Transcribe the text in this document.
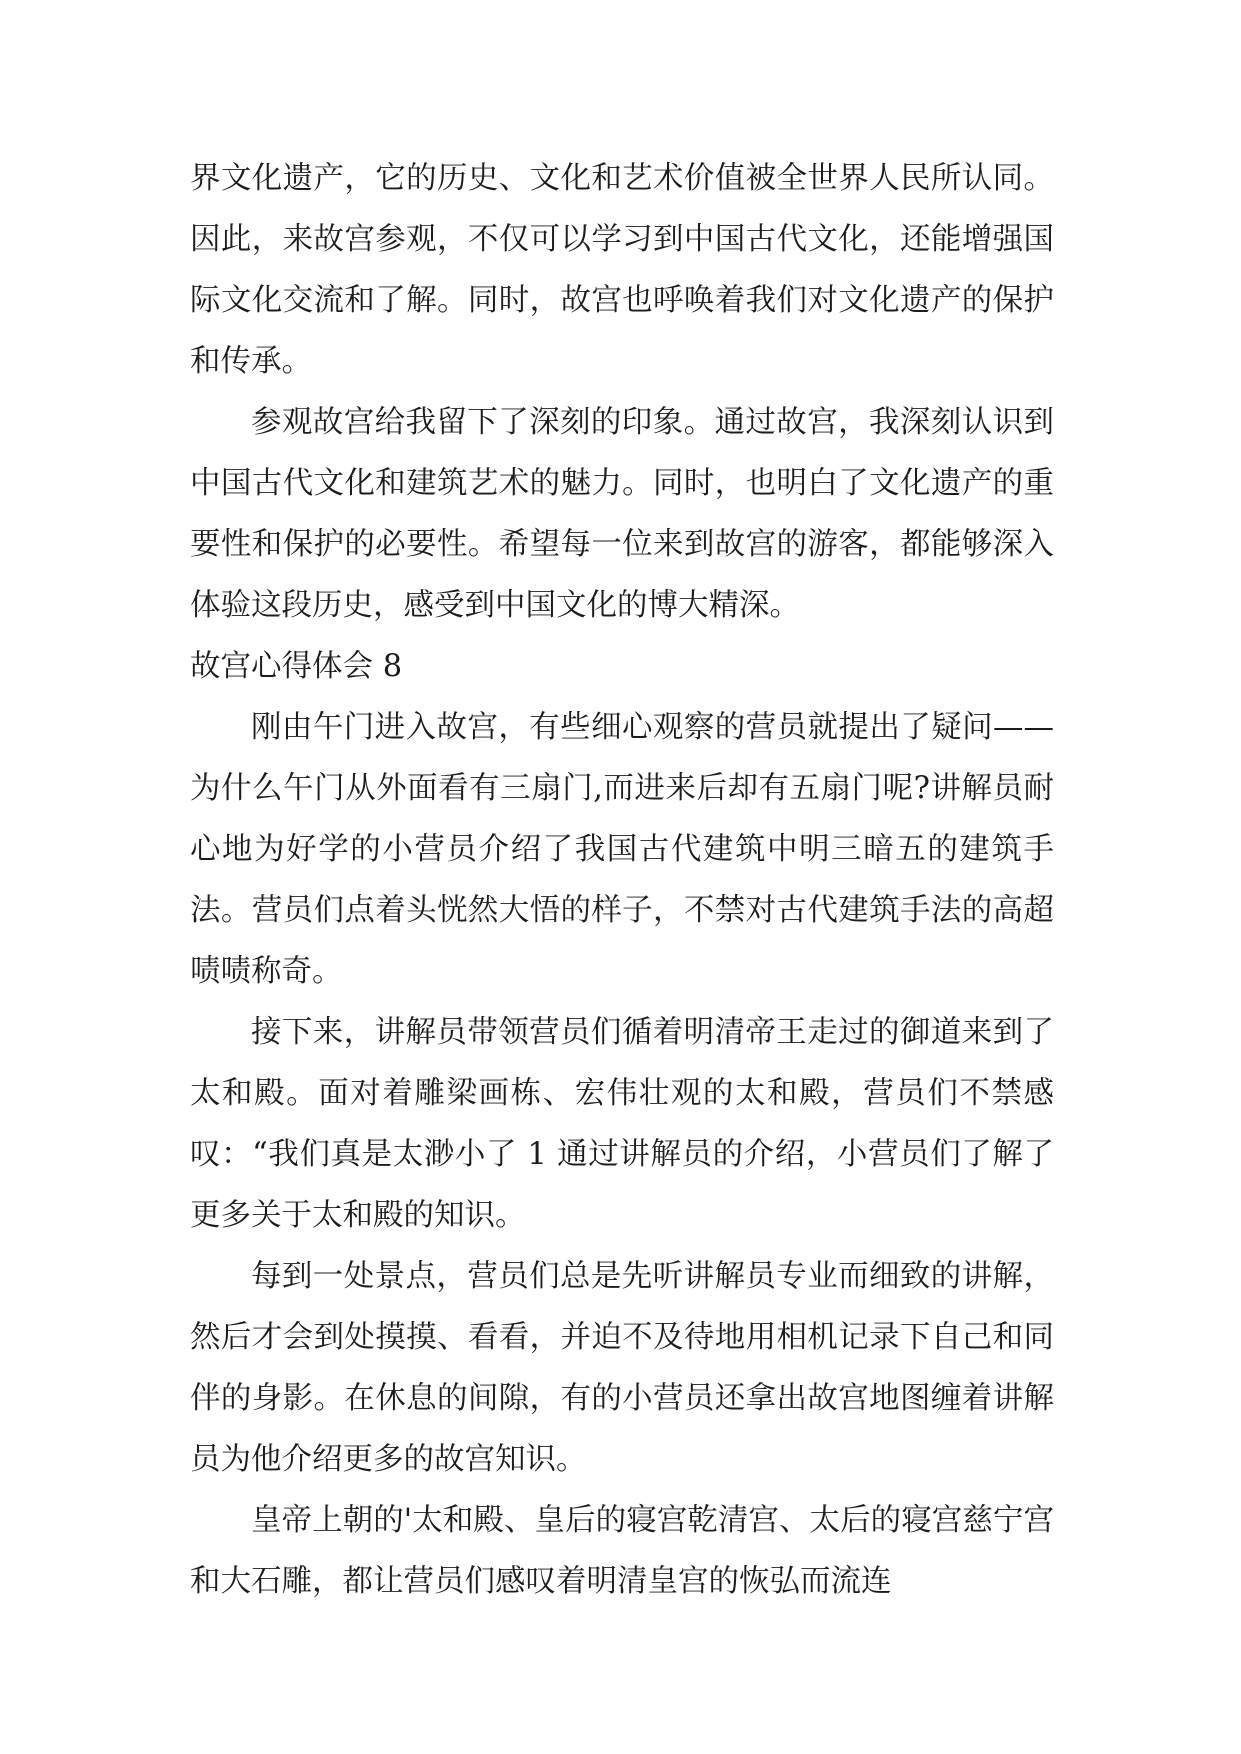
界文化遗产，它的历史、文化和艺术价值被全世界人民所认同。因此，来故宫参观，不仅可以学习到中国古代文化，还能增强国际文化交流和了解。同时，故宫也呼唤着我们对文化遗产的保护和传承。

参观故宫给我留下了深刻的印象。通过故宫，我深刻认识到中国古代文化和建筑艺术的魅力。同时，也明白了文化遗产的重要性和保护的必要性。希望每一位来到故宫的游客，都能够深入体验这段历史，感受到中国文化的博大精深。

故宫心得体会 8

刚由午门进入故宫，有些细心观察的营员就提出了疑问——为什么午门从外面看有三扇门,而进来后却有五扇门呢?讲解员耐心地为好学的小营员介绍了我国古代建筑中明三暗五的建筑手法。营员们点着头恍然大悟的样子，不禁对古代建筑手法的高超啧啧称奇。

接下来，讲解员带领营员们循着明清帝王走过的御道来到了太和殿。面对着雕梁画栋、宏伟壮观的太和殿，营员们不禁感叹：“我们真是太渺小了 1 通过讲解员的介绍，小营员们了解了更多关于太和殿的知识。

每到一处景点，营员们总是先听讲解员专业而细致的讲解，然后才会到处摸摸、看看，并迫不及待地用相机记录下自己和同伴的身影。在休息的间隙，有的小营员还拿出故宫地图缠着讲解员为他介绍更多的故宫知识。

皇帝上朝的'太和殿、皇后的寝宫乾清宫、太后的寝宫慈宁宫和大石雕，都让营员们感叹着明清皇宫的恢弘而流连
